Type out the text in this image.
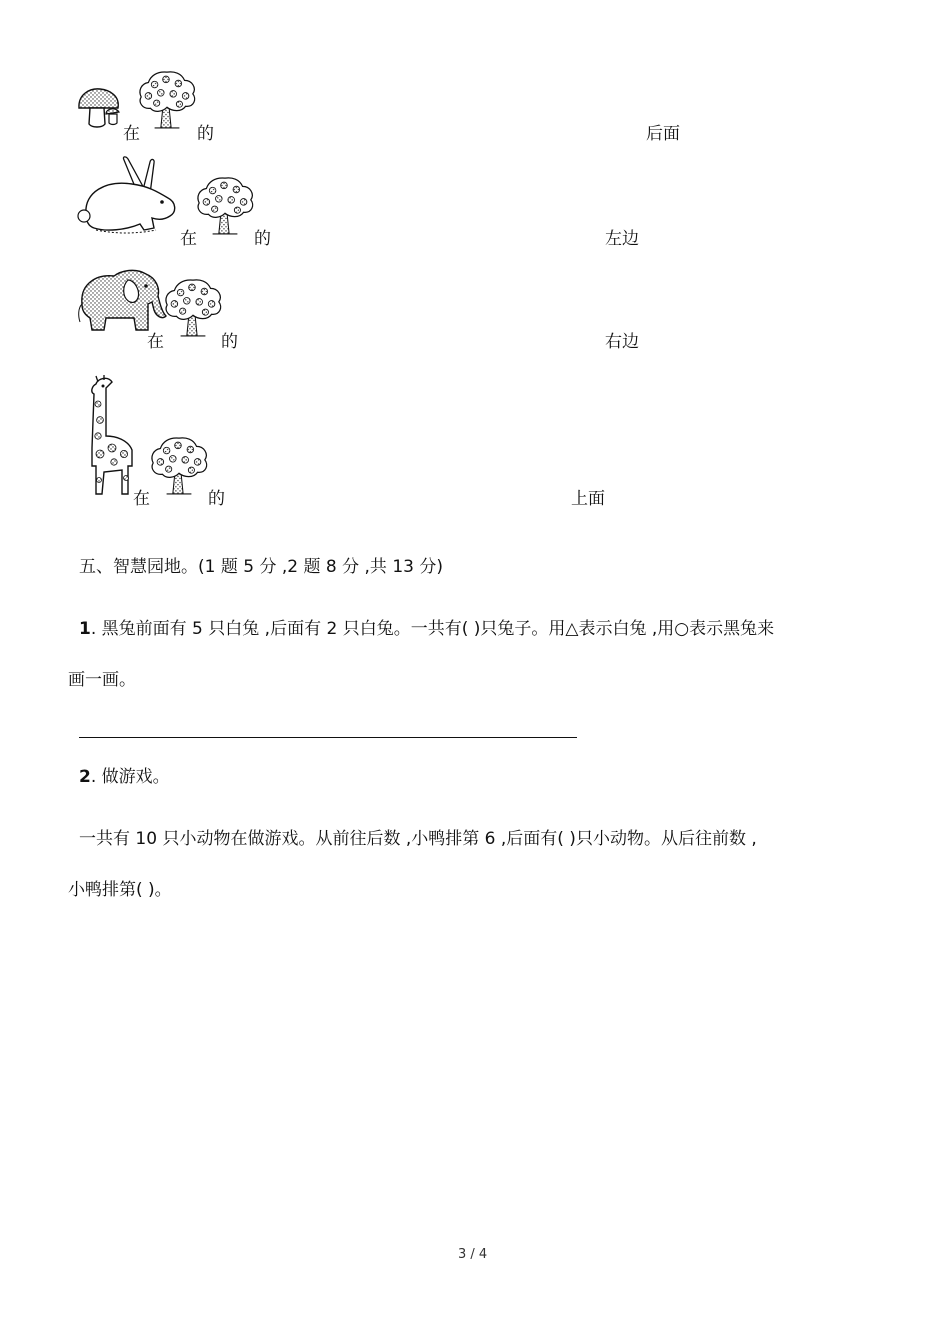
在	的	后面
在	的	左边
在	的	右边
在	的	上面
五、智慧园地。(1 题 5 分 ,2 题 8 分 ,共 13 分)
1. 黑兔前面有 5 只白兔 ,后面有 2 只白兔。一共有( )只兔子。用△表示白兔 ,用○表示黑兔来
画一画。
2. 做游戏。
一共有 10 只小动物在做游戏。从前往后数 ,小鸭排第 6 ,后面有( )只小动物。从后往前数 ,
小鸭排第( )。
3 / 4
